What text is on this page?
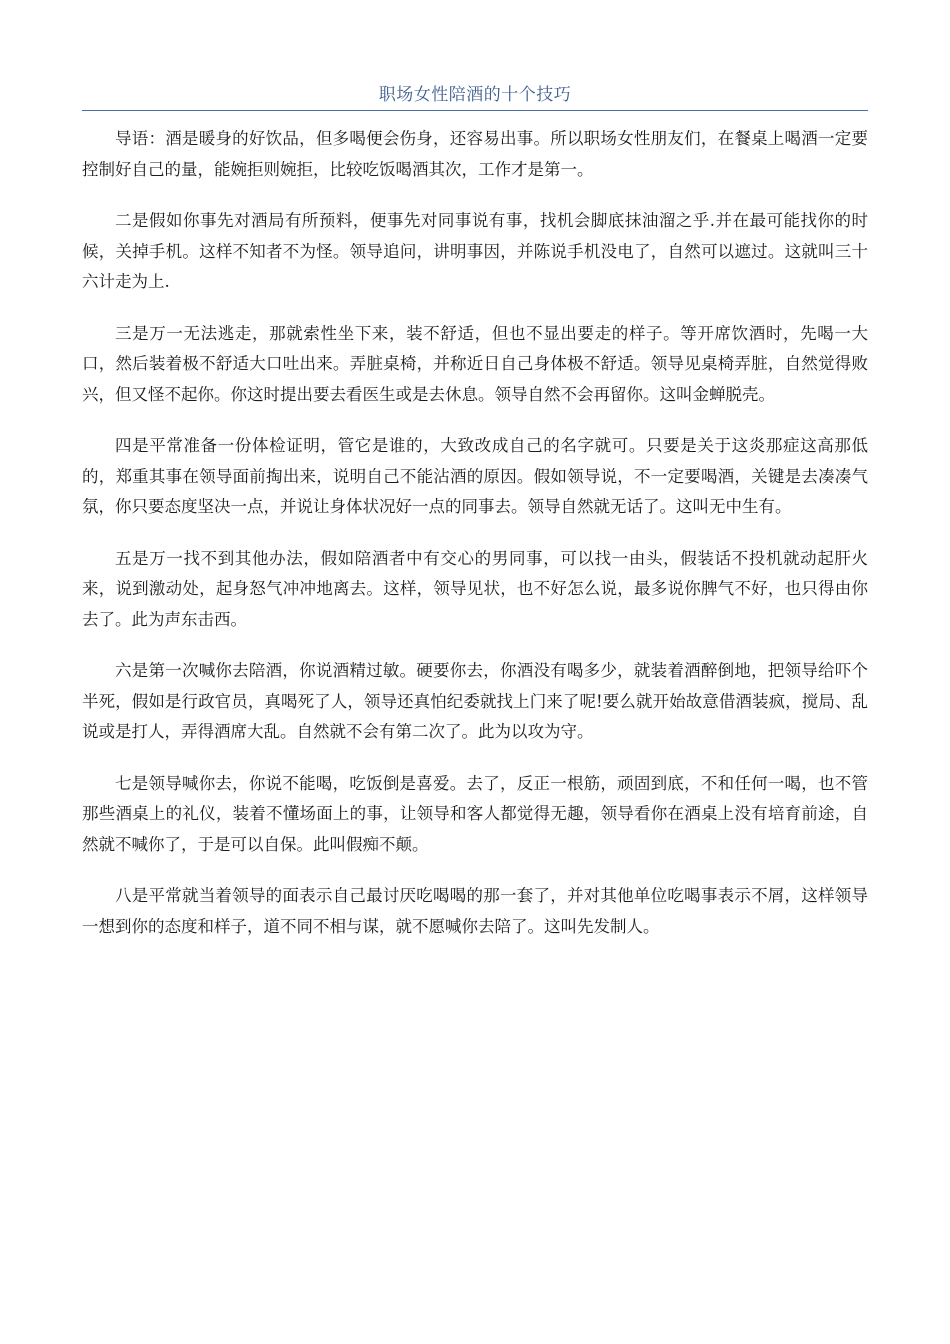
职场女性陪酒的十个技巧

导语：酒是暖身的好饮品，但多喝便会伤身，还容易出事。所以职场女性朋友们，在餐桌上喝酒一定要控制好自己的量，能婉拒则婉拒，比较吃饭喝酒其次，工作才是第一。

二是假如你事先对酒局有所预料，便事先对同事说有事，找机会脚底抹油溜之乎.并在最可能找你的时候，关掉手机。这样不知者不为怪。领导追问，讲明事因，并陈说手机没电了，自然可以遮过。这就叫三十六计走为上.

三是万一无法逃走，那就索性坐下来，装不舒适，但也不显出要走的样子。等开席饮酒时，先喝一大口，然后装着极不舒适大口吐出来。弄脏桌椅，并称近日自己身体极不舒适。领导见桌椅弄脏，自然觉得败兴，但又怪不起你。你这时提出要去看医生或是去休息。领导自然不会再留你。这叫金蝉脱壳。

四是平常准备一份体检证明，管它是谁的，大致改成自己的名字就可。只要是关于这炎那症这高那低的，郑重其事在领导面前掏出来，说明自己不能沾酒的原因。假如领导说，不一定要喝酒，关键是去凑凑气氛，你只要态度坚决一点，并说让身体状况好一点的同事去。领导自然就无话了。这叫无中生有。

五是万一找不到其他办法，假如陪酒者中有交心的男同事，可以找一由头，假装话不投机就动起肝火来，说到激动处，起身怒气冲冲地离去。这样，领导见状，也不好怎么说，最多说你脾气不好，也只得由你去了。此为声东击西。

六是第一次喊你去陪酒，你说酒精过敏。硬要你去，你酒没有喝多少，就装着酒醉倒地，把领导给吓个半死，假如是行政官员，真喝死了人，领导还真怕纪委就找上门来了呢!要么就开始故意借酒装疯，搅局、乱说或是打人，弄得酒席大乱。自然就不会有第二次了。此为以攻为守。

七是领导喊你去，你说不能喝，吃饭倒是喜爱。去了，反正一根筋，顽固到底，不和任何一喝，也不管那些酒桌上的礼仪，装着不懂场面上的事，让领导和客人都觉得无趣，领导看你在酒桌上没有培育前途，自然就不喊你了，于是可以自保。此叫假痴不颠。

八是平常就当着领导的面表示自己最讨厌吃喝喝的那一套了，并对其他单位吃喝事表示不屑，这样领导一想到你的态度和样子，道不同不相与谋，就不愿喊你去陪了。这叫先发制人。
